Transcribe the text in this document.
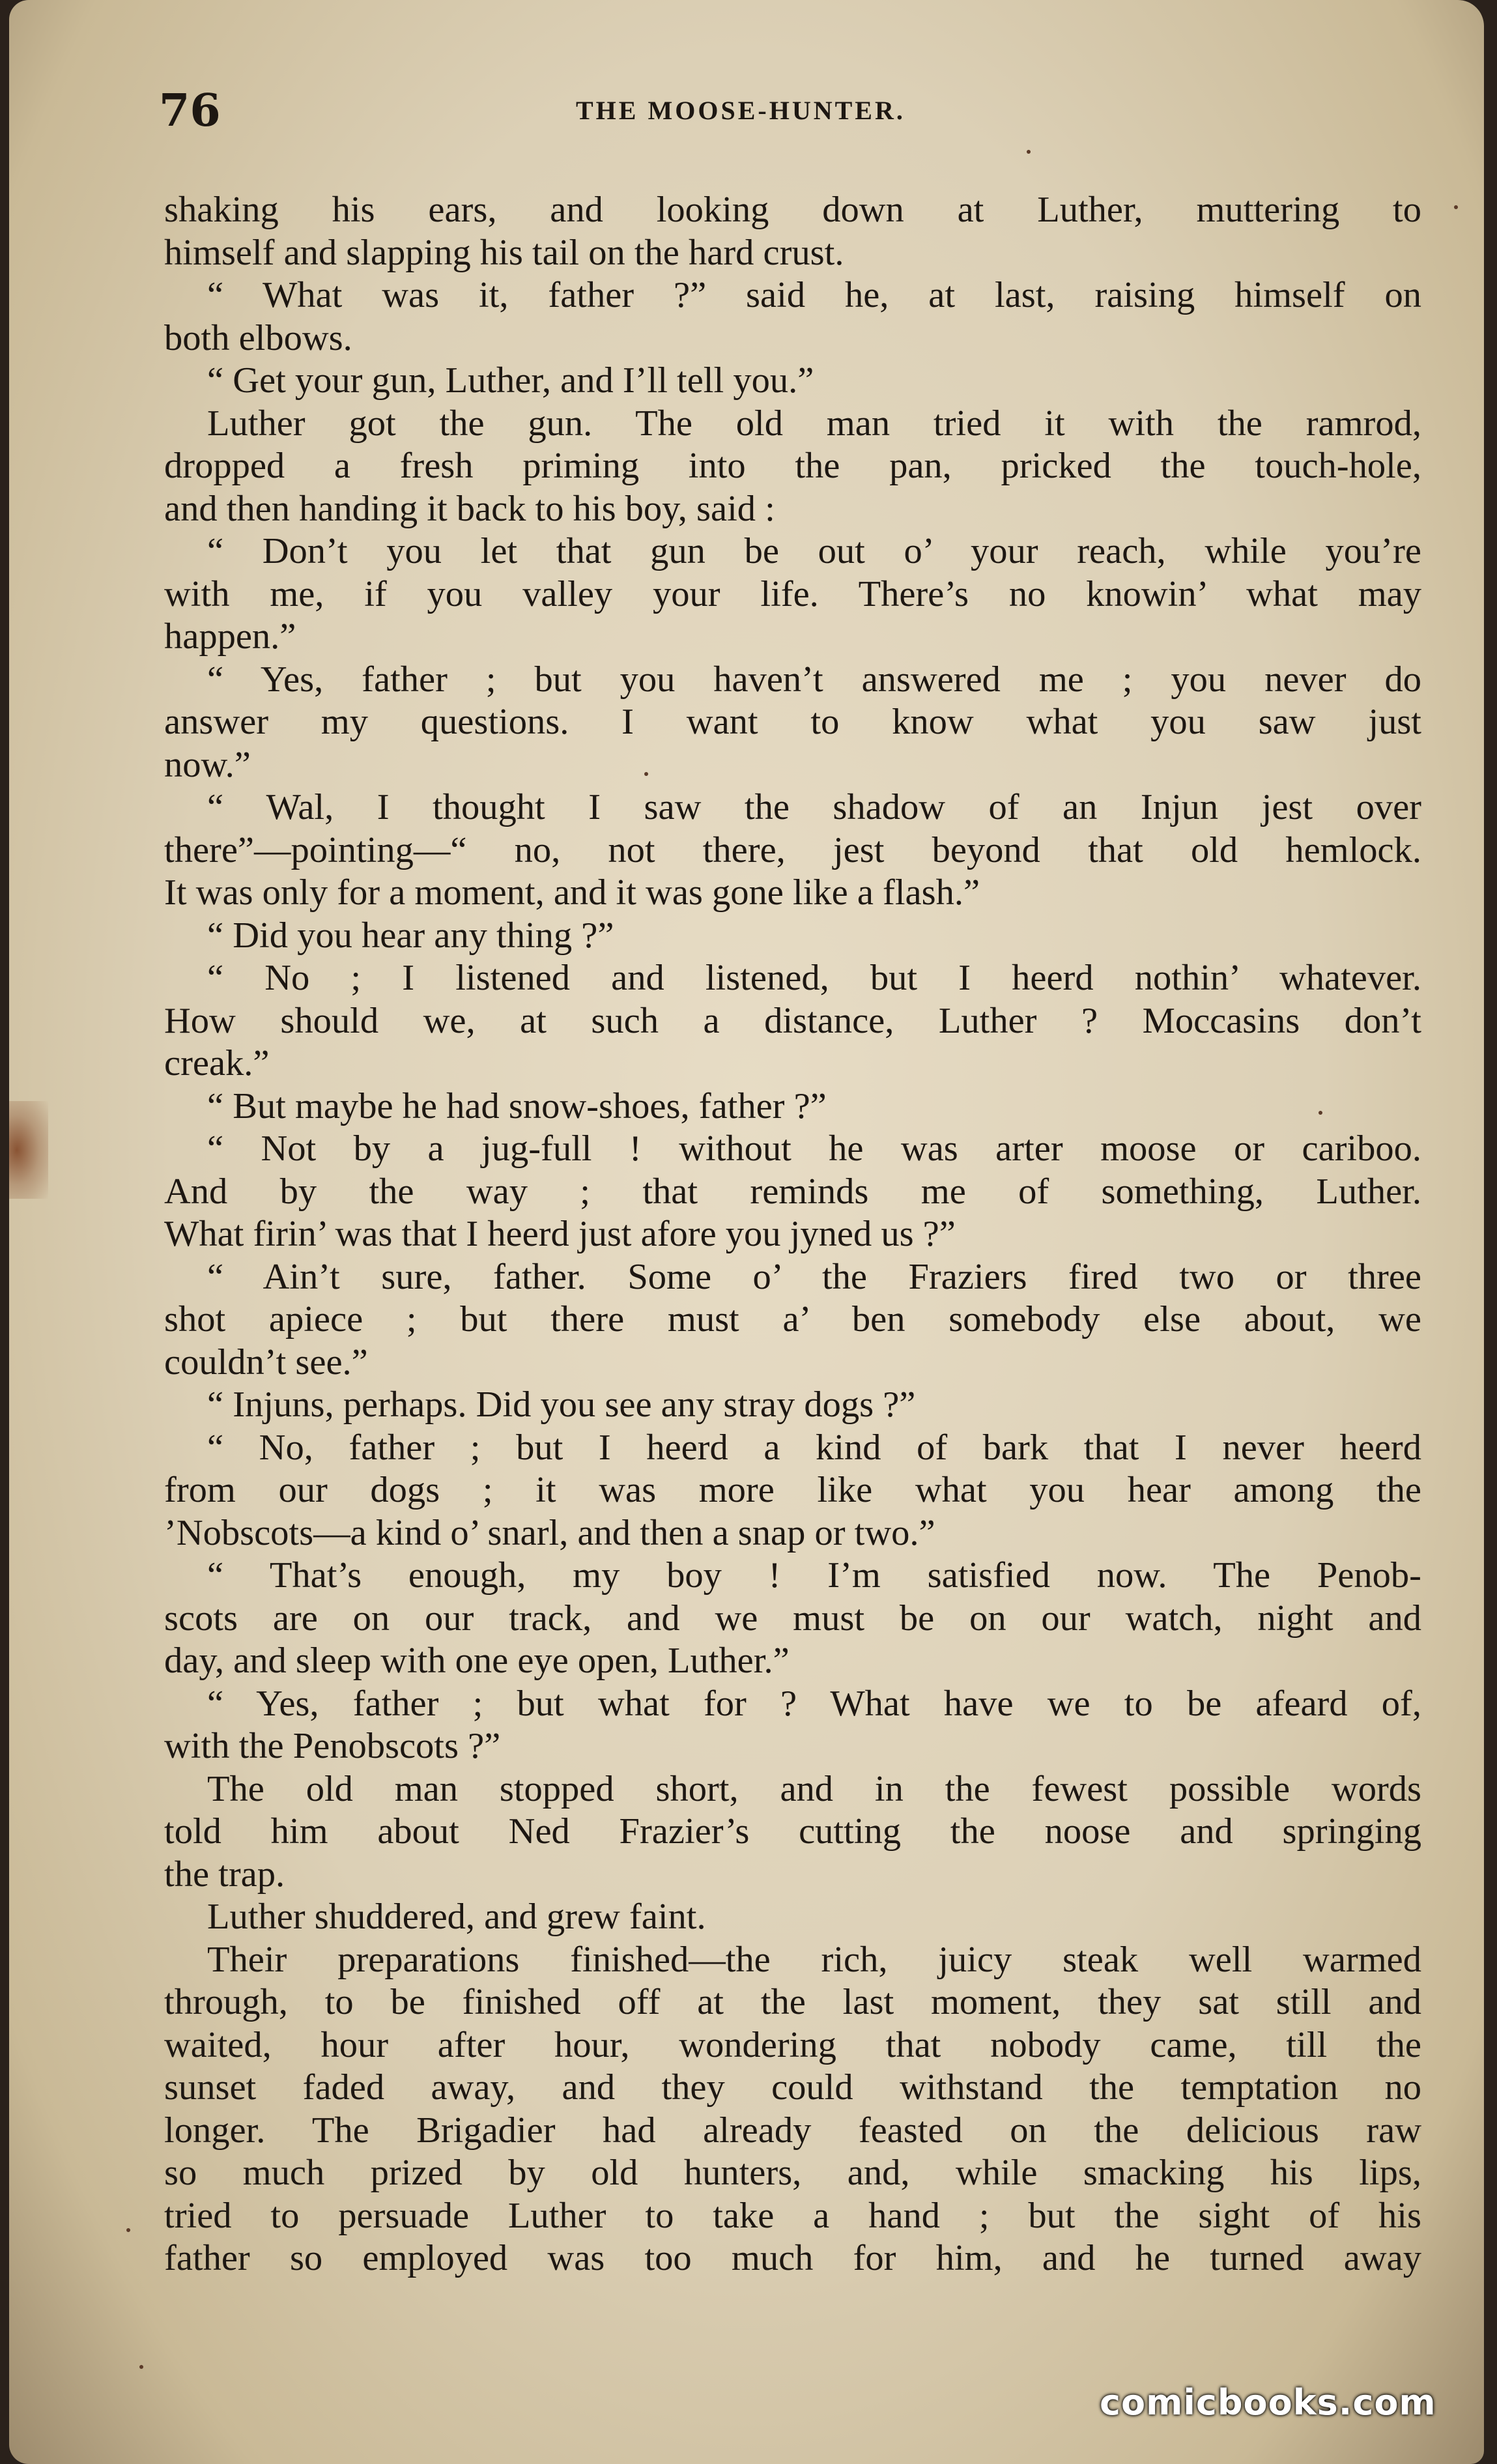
76	THE MOOSE-HUNTER.
shaking his ears, and looking down at Luther, muttering to
himself and slapping his tail on the hard crust.
“ What was it, father ?” said he, at last, raising himself on
both elbows.
“ Get your gun, Luther, and I’ll tell you.”
Luther got the gun. The old man tried it with the ramrod,
dropped a fresh priming into the pan, pricked the touch-hole,
and then handing it back to his boy, said :
“ Don’t you let that gun be out o’ your reach, while you’re
with me, if you valley your life. There’s no knowin’ what may
happen.”
“ Yes, father ; but you haven’t answered me ; you never do
answer my questions. I want to know what you saw just
now.”
“ Wal, I thought I saw the shadow of an Injun jest over
there”—pointing—“ no, not there, jest beyond that old hemlock.
It was only for a moment, and it was gone like a flash.”
“ Did you hear any thing ?”
“ No ; I listened and listened, but I heerd nothin’ whatever.
How should we, at such a distance, Luther ? Moccasins don’t
creak.”
“ But maybe he had snow-shoes, father ?”
“ Not by a jug-full ! without he was arter moose or cariboo.
And by the way ; that reminds me of something, Luther.
What firin’ was that I heerd just afore you jyned us ?”
“ Ain’t sure, father. Some o’ the Fraziers fired two or three
shot apiece ; but there must a’ ben somebody else about, we
couldn’t see.”
“ Injuns, perhaps. Did you see any stray dogs ?”
“ No, father ; but I heerd a kind of bark that I never heerd
from our dogs ; it was more like what you hear among the
’Nobscots—a kind o’ snarl, and then a snap or two.”
“ That’s enough, my boy ! I’m satisfied now. The Penob-
scots are on our track, and we must be on our watch, night and
day, and sleep with one eye open, Luther.”
“ Yes, father ; but what for ? What have we to be afeard of,
with the Penobscots ?”
The old man stopped short, and in the fewest possible words
told him about Ned Frazier’s cutting the noose and springing
the trap.
Luther shuddered, and grew faint.
Their preparations finished—the rich, juicy steak well warmed
through, to be finished off at the last moment, they sat still and
waited, hour after hour, wondering that nobody came, till the
sunset faded away, and they could withstand the temptation no
longer. The Brigadier had already feasted on the delicious raw
so much prized by old hunters, and, while smacking his lips,
tried to persuade Luther to take a hand ; but the sight of his
father so employed was too much for him, and he turned away
comicbooks.com
